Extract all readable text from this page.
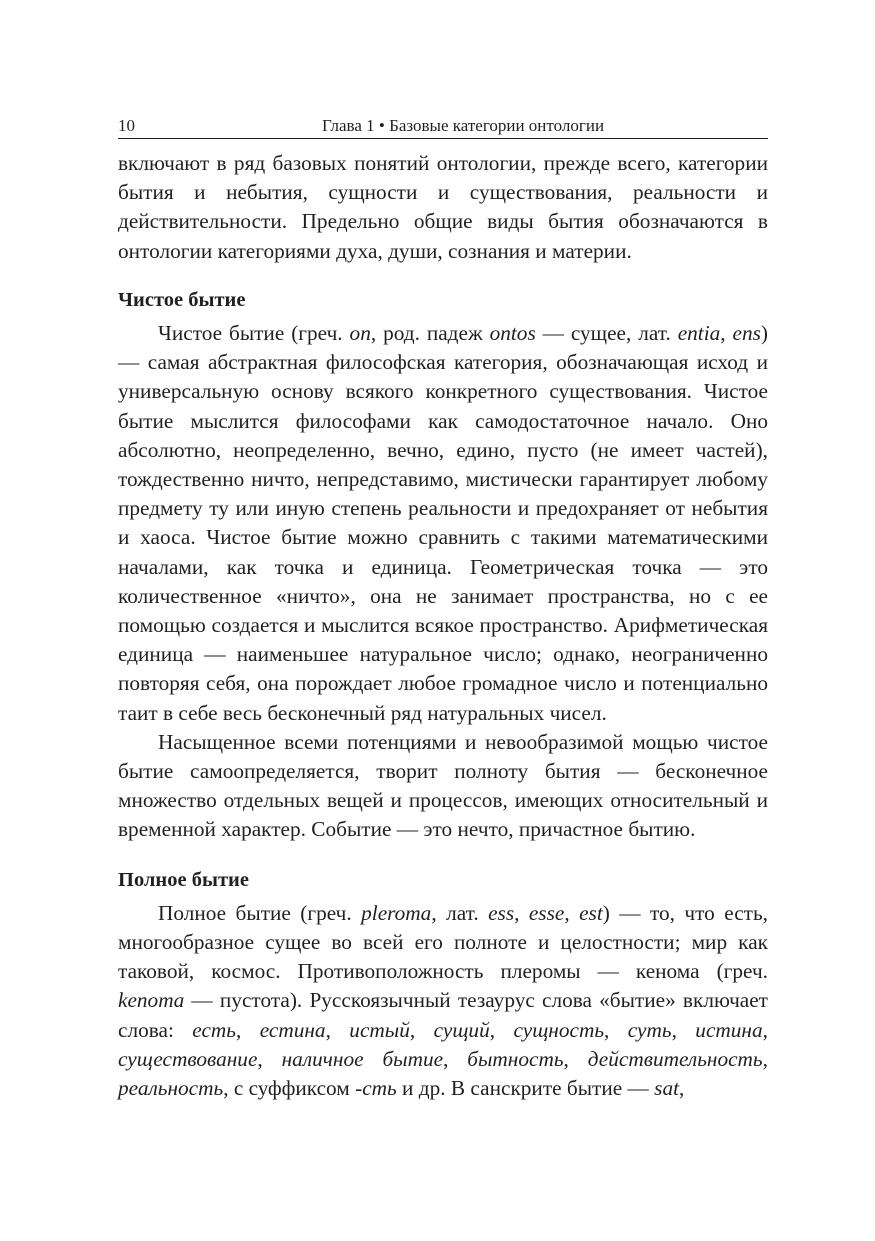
10	Глава 1 • Базовые категории онтологии

включают в ряд базовых понятий онтологии, прежде всего, категории бытия и небытия, сущности и существования, реальности и действительности. Предельно общие виды бытия обозначаются в онтологии категориями духа, души, сознания и материи.

Чистое бытие

Чистое бытие (греч. on, род. падеж ontos — сущее, лат. entia, ens) — самая абстрактная философская категория, обозначающая исход и универсальную основу всякого конкретного существования. Чистое бытие мыслится философами как самодостаточное начало. Оно абсолютно, неопределенно, вечно, едино, пусто (не имеет частей), тождественно ничто, непредставимо, мистически гарантирует любому предмету ту или иную степень реальности и предохраняет от небытия и хаоса. Чистое бытие можно сравнить с такими математическими началами, как точка и единица. Геометрическая точка — это количественное «ничто», она не занимает пространства, но с ее помощью создается и мыслится всякое пространство. Арифметическая единица — наименьшее натуральное число; однако, неограниченно повторяя себя, она порождает любое громадное число и потенциально таит в себе весь бесконечный ряд натуральных чисел.

Насыщенное всеми потенциями и невообразимой мощью чистое бытие самоопределяется, творит полноту бытия — бесконечное множество отдельных вещей и процессов, имеющих относительный и временной характер. Событие — это нечто, причастное бытию.

Полное бытие

Полное бытие (греч. pleroma, лат. ess, esse, est) — то, что есть, многообразное сущее во всей его полноте и целостности; мир как таковой, космос. Противоположность плеромы — кенома (греч. kenoma — пустота). Русскоязычный тезаурус слова «бытие» включает слова: есть, естина, истый, сущий, сущность, суть, истина, существование, наличное бытие, бытность, действительность, реальность, с суффиксом -сть и др. В санскрите бытие — sat,
